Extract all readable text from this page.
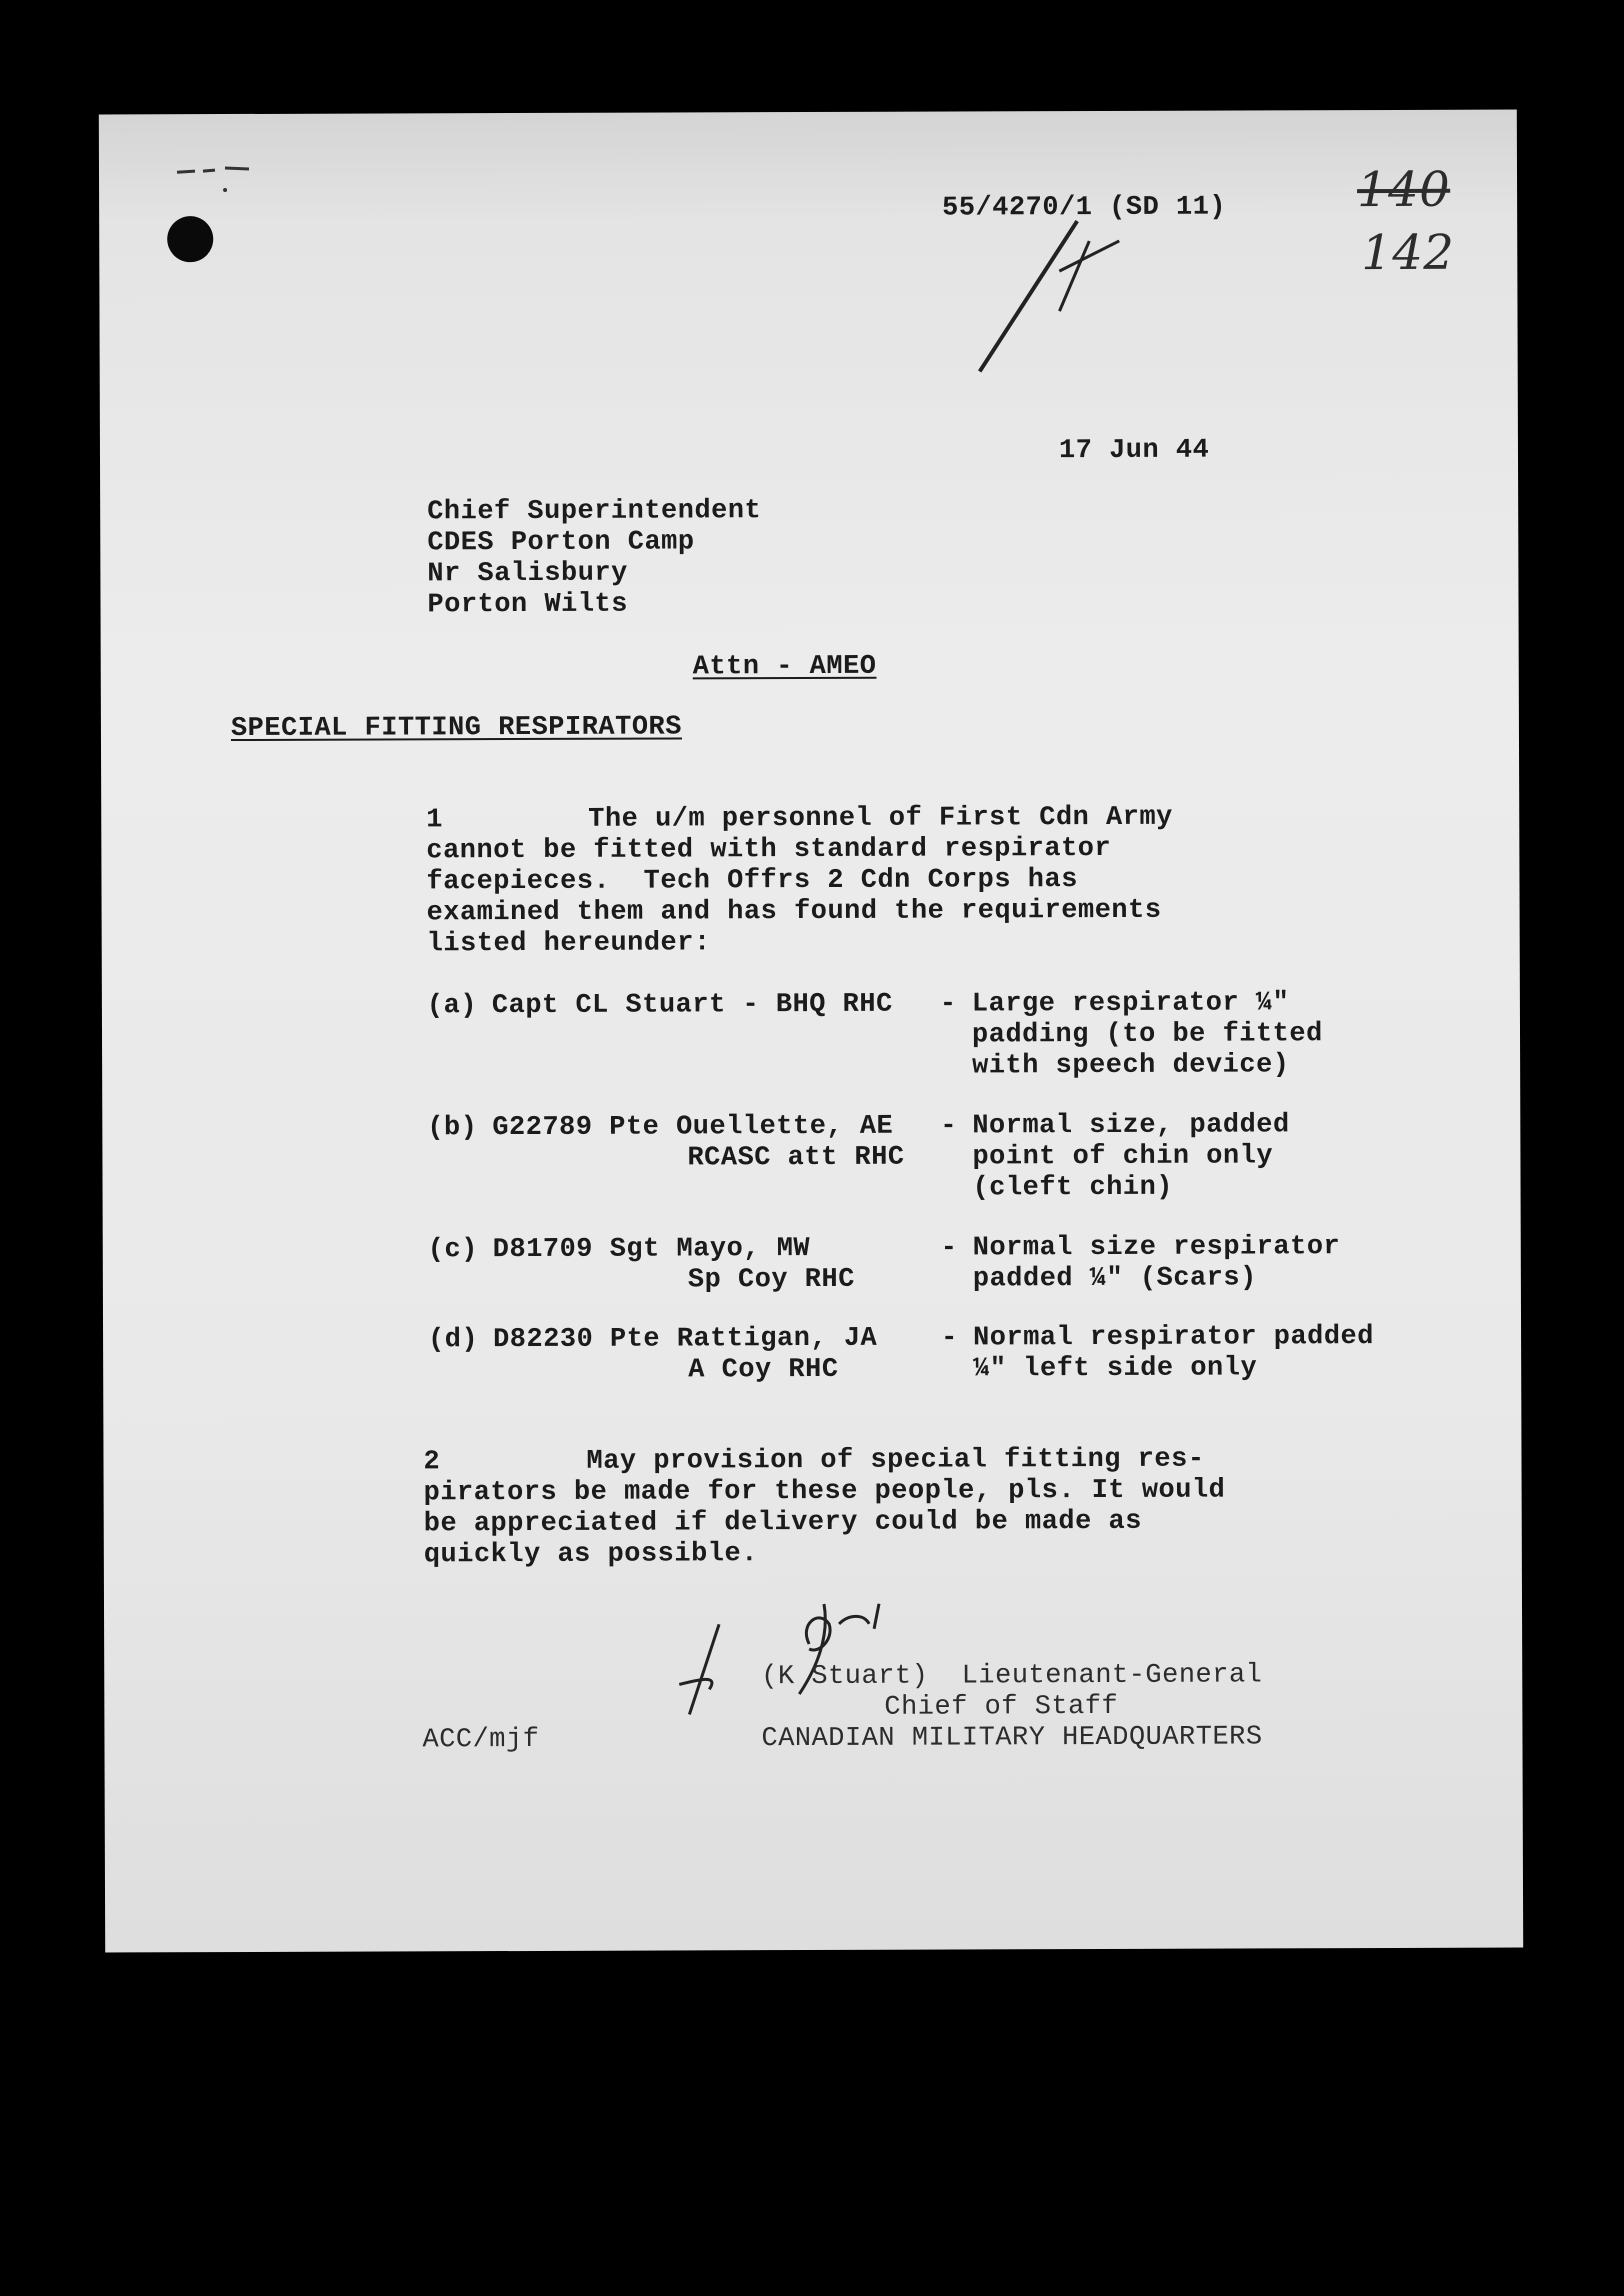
55/4270/1 (SD 11)	140
142
17 Jun 44
Chief Superintendent
CDES Porton Camp
Nr Salisbury
Porton Wilts
Attn - AMEO
SPECIAL FITTING RESPIRATORS
1	The u/m personnel of First Cdn Army
cannot be fitted with standard respirator
facepieces.  Tech Offrs 2 Cdn Corps has
examined them and has found the requirements
listed hereunder:
(a) Capt CL Stuart - BHQ RHC - Large respirator ¼"
padding (to be fitted
with speech device)
(b) G22789 Pte Ouellette, AE
RCASC att RHC
- Normal size, padded
point of chin only
(cleft chin)
(c) D81709 Sgt Mayo, MW
Sp Coy RHC
- Normal size respirator
padded ¼" (Scars)
(d) D82230 Pte Rattigan, JA
A Coy RHC
- Normal respirator padded
¼" left side only
2	May provision of special fitting res-
pirators be made for these people, pls. It would
be appreciated if delivery could be made as
quickly as possible.
(K Stuart)  Lieutenant-General
Chief of Staff
CANADIAN MILITARY HEADQUARTERS
ACC/mjf
